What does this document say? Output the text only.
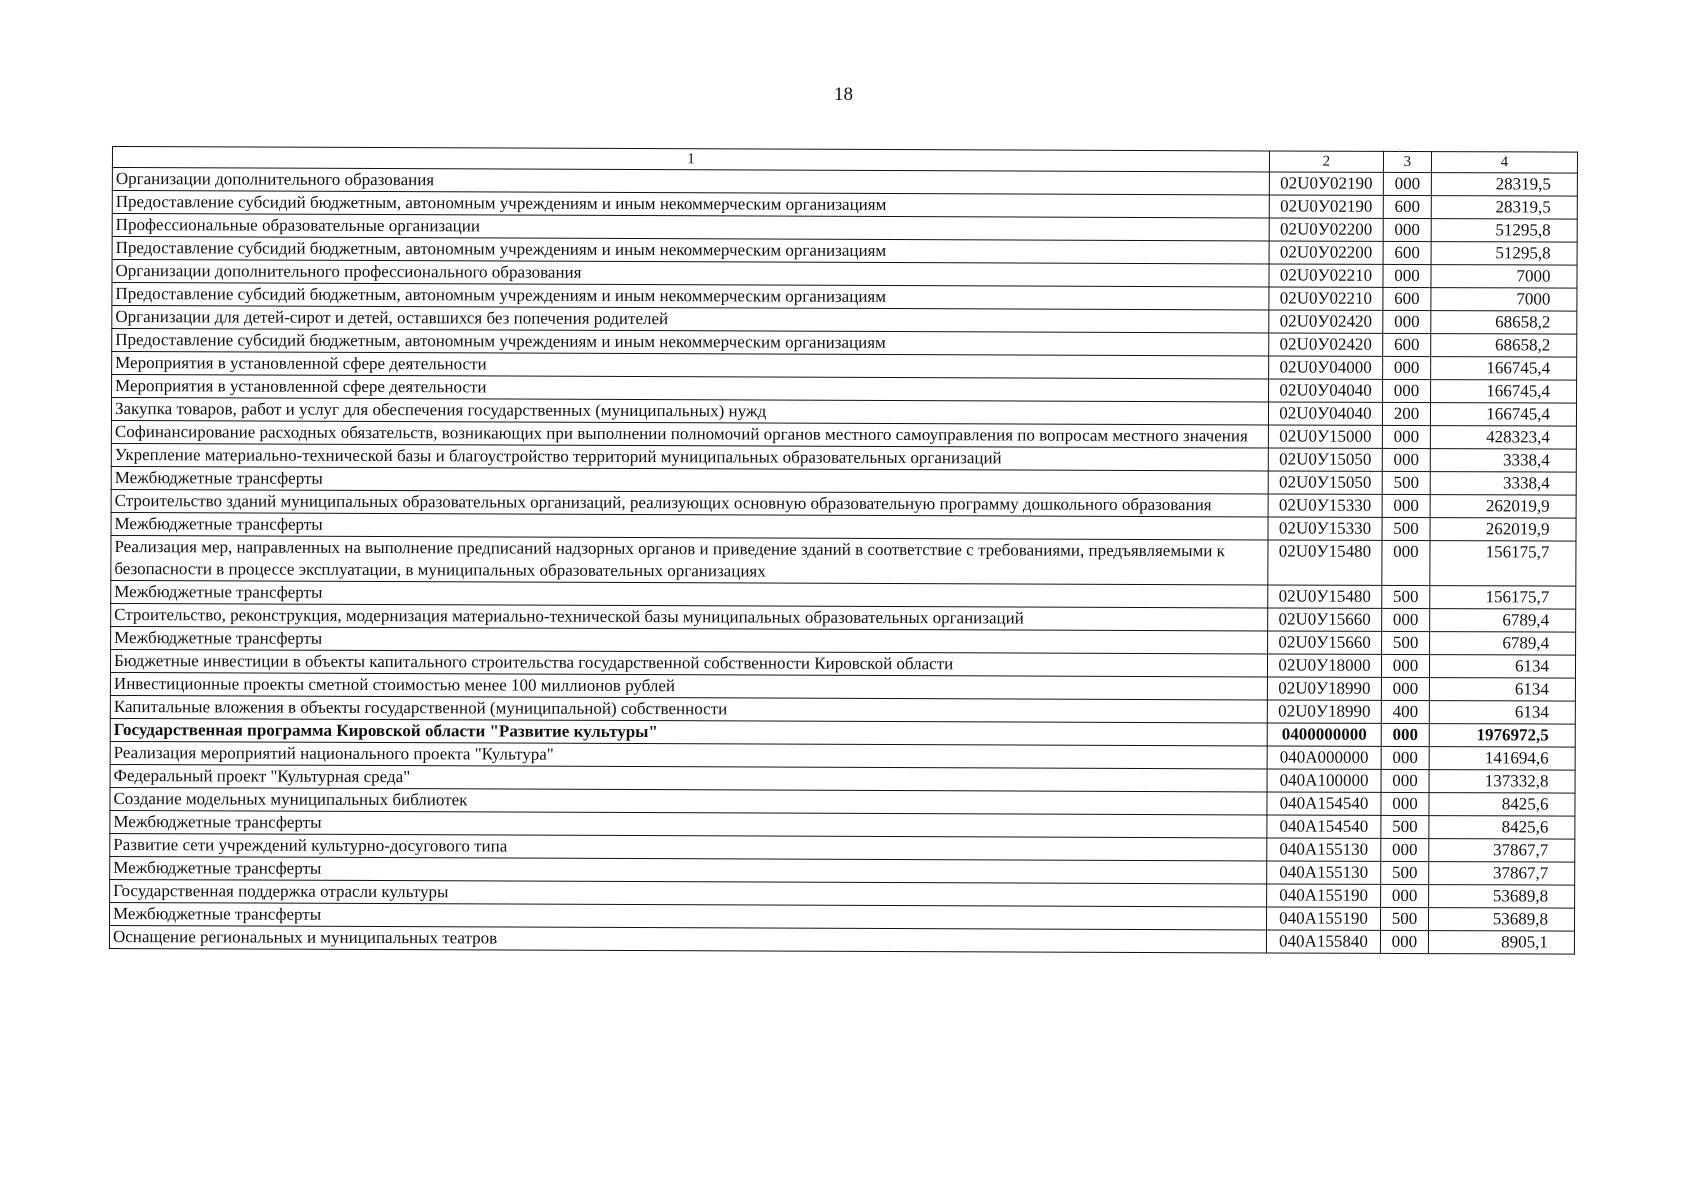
18
1	2	3	4
Организации дополнительного образования	02U0У02190	000	28319,5
Предоставление субсидий бюджетным, автономным учреждениям и иным некоммерческим организациям	02U0У02190	600	28319,5
Профессиональные образовательные организации	02U0У02200	000	51295,8
Предоставление субсидий бюджетным, автономным учреждениям и иным некоммерческим организациям	02U0У02200	600	51295,8
Организации дополнительного профессионального образования	02U0У02210	000	7000
Предоставление субсидий бюджетным, автономным учреждениям и иным некоммерческим организациям	02U0У02210	600	7000
Организации для детей-сирот и детей, оставшихся без попечения родителей	02U0У02420	000	68658,2
Предоставление субсидий бюджетным, автономным учреждениям и иным некоммерческим организациям	02U0У02420	600	68658,2
Мероприятия в установленной сфере деятельности	02U0У04000	000	166745,4
Мероприятия в установленной сфере деятельности	02U0У04040	000	166745,4
Закупка товаров, работ и услуг для обеспечения государственных (муниципальных) нужд	02U0У04040	200	166745,4
Софинансирование расходных обязательств, возникающих при выполнении полномочий органов местного самоуправления по вопросам местного значения	02U0У15000	000	428323,4
Укрепление материально-технической базы и благоустройство территорий муниципальных образовательных организаций	02U0У15050	000	3338,4
Межбюджетные трансферты	02U0У15050	500	3338,4
Строительство зданий муниципальных образовательных организаций, реализующих основную образовательную программу дошкольного образования	02U0У15330	000	262019,9
Межбюджетные трансферты	02U0У15330	500	262019,9
Реализация мер, направленных на выполнение предписаний надзорных органов и приведение зданий в соответствие с требованиями, предъявляемыми к безопасности в процессе эксплуатации, в муниципальных образовательных организациях	02U0У15480	000	156175,7
Межбюджетные трансферты	02U0У15480	500	156175,7
Строительство, реконструкция, модернизация материально-технической базы муниципальных образовательных организаций	02U0У15660	000	6789,4
Межбюджетные трансферты	02U0У15660	500	6789,4
Бюджетные инвестиции в объекты капитального строительства государственной собственности Кировской области	02U0У18000	000	6134
Инвестиционные проекты сметной стоимостью менее 100 миллионов рублей	02U0У18990	000	6134
Капитальные вложения в объекты государственной (муниципальной) собственности	02U0У18990	400	6134
Государственная программа Кировской области "Развитие культуры"	0400000000	000	1976972,5
Реализация мероприятий национального проекта "Культура"	040A000000	000	141694,6
Федеральный проект "Культурная среда"	040A100000	000	137332,8
Создание модельных муниципальных библиотек	040A154540	000	8425,6
Межбюджетные трансферты	040A154540	500	8425,6
Развитие сети учреждений культурно-досугового типа	040A155130	000	37867,7
Межбюджетные трансферты	040A155130	500	37867,7
Государственная поддержка отрасли культуры	040A155190	000	53689,8
Межбюджетные трансферты	040A155190	500	53689,8
Оснащение региональных и муниципальных театров	040A155840	000	8905,1
